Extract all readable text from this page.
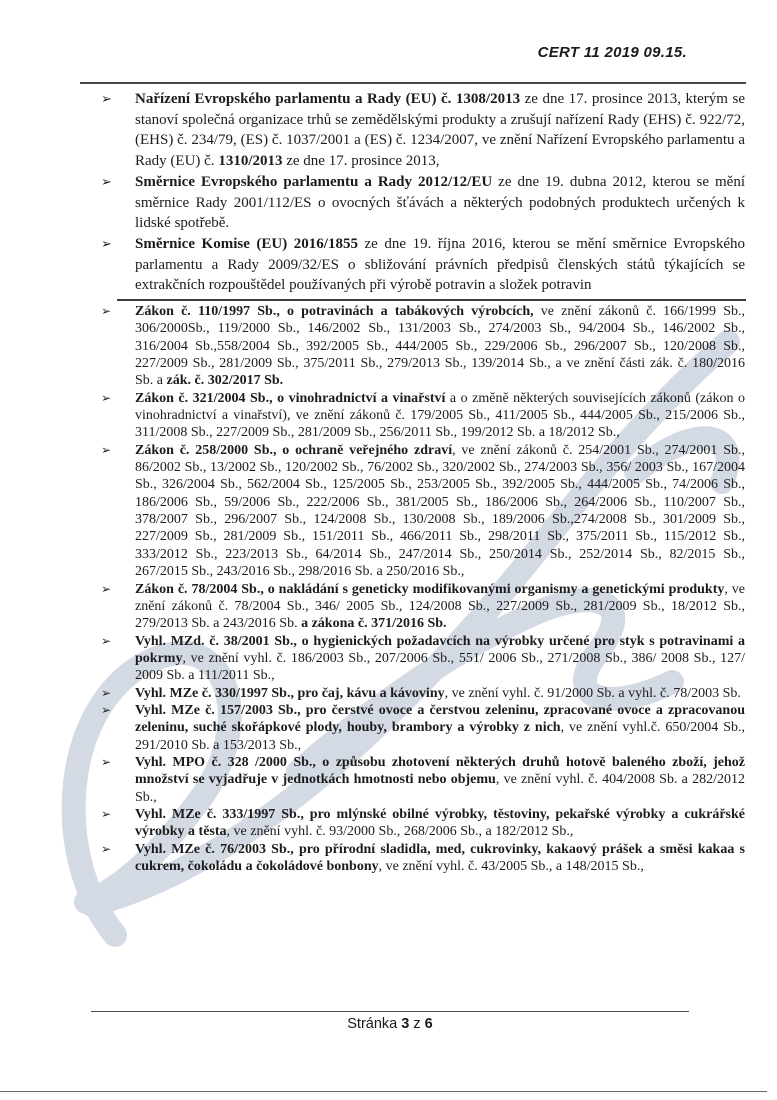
CERT 11 2019 09.15.
➢ Nařízení Evropského parlamentu a Rady (EU) č. 1308/2013 ze dne 17. prosince 2013, kterým se stanoví společná organizace trhů se zemědělskými produkty a zrušují nařízení Rady (EHS) č. 922/72, (EHS) č. 234/79, (ES) č. 1037/2001 a (ES) č. 1234/2007, ve znění Nařízení Evropského parlamentu a Rady (EU) č. 1310/2013 ze dne 17. prosince 2013,
➢ Směrnice Evropského parlamentu a Rady 2012/12/EU ze dne 19. dubna 2012, kterou se mění směrnice Rady 2001/112/ES o ovocných šťávách a některých podobných produktech určených k lidské spotřebě.
➢ Směrnice Komise (EU) 2016/1855 ze dne 19. října 2016, kterou se mění směrnice Evropského parlamentu a Rady 2009/32/ES o sbližování právních předpisů členských států týkajících se extrakčních rozpouštědel používaných při výrobě potravin a složek potravin
➢ Zákon č. 110/1997 Sb., o potravinách a tabákových výrobcích, ve znění zákonů č. 166/1999 Sb., 306/2000Sb., 119/2000 Sb., 146/2002 Sb., 131/2003 Sb., 274/2003 Sb., 94/2004 Sb., 146/2002 Sb., 316/2004 Sb.,558/2004 Sb., 392/2005 Sb., 444/2005 Sb., 229/2006 Sb., 296/2007 Sb., 120/2008 Sb., 227/2009 Sb., 281/2009 Sb., 375/2011 Sb., 279/2013 Sb., 139/2014 Sb., a ve znění části zák. č. 180/2016 Sb. a zák. č. 302/2017 Sb.
➢ Zákon č. 321/2004 Sb., o vinohradnictví a vinařství a o změně některých souvisejících zákonů (zákon o vinohradnictví a vinařství), ve znění zákonů č. 179/2005 Sb., 411/2005 Sb., 444/2005 Sb., 215/2006 Sb., 311/2008 Sb., 227/2009 Sb., 281/2009 Sb., 256/2011 Sb., 199/2012 Sb. a 18/2012 Sb.,
➢ Zákon č. 258/2000 Sb., o ochraně veřejného zdraví, ve znění zákonů č. 254/2001 Sb., 274/2001 Sb., 86/2002 Sb., 13/2002 Sb., 120/2002 Sb., 76/2002 Sb., 320/2002 Sb., 274/2003 Sb., 356/ 2003 Sb., 167/2004 Sb., 326/2004 Sb., 562/2004 Sb., 125/2005 Sb., 253/2005 Sb., 392/2005 Sb., 444/2005 Sb., 74/2006 Sb., 186/2006 Sb., 59/2006 Sb., 222/2006 Sb., 381/2005 Sb., 186/2006 Sb., 264/2006 Sb., 110/2007 Sb., 378/2007 Sb., 296/2007 Sb., 124/2008 Sb., 130/2008 Sb., 189/2006 Sb.,274/2008 Sb., 301/2009 Sb., 227/2009 Sb., 281/2009 Sb., 151/2011 Sb., 466/2011 Sb., 298/2011 Sb., 375/2011 Sb., 115/2012 Sb., 333/2012 Sb., 223/2013 Sb., 64/2014 Sb., 247/2014 Sb., 250/2014 Sb., 252/2014 Sb., 82/2015 Sb., 267/2015 Sb., 243/2016 Sb., 298/2016 Sb. a 250/2016 Sb.,
➢ Zákon č. 78/2004 Sb., o nakládání s geneticky modifikovanými organismy a genetickými produkty, ve znění zákonů č. 78/2004 Sb., 346/ 2005 Sb., 124/2008 Sb., 227/2009 Sb., 281/2009 Sb., 18/2012 Sb., 279/2013 Sb. a 243/2016 Sb. a zákona č. 371/2016 Sb.
➢ Vyhl. MZd. č. 38/2001 Sb., o hygienických požadavcích na výrobky určené pro styk s potravinami a pokrmy, ve znění vyhl. č. 186/2003 Sb., 207/2006 Sb., 551/ 2006 Sb., 271/2008 Sb., 386/ 2008 Sb., 127/ 2009 Sb. a 111/2011 Sb.,
➢ Vyhl. MZe č. 330/1997 Sb., pro čaj, kávu a kávoviny, ve znění vyhl. č. 91/2000 Sb. a vyhl. č. 78/2003 Sb.
➢ Vyhl. MZe č. 157/2003 Sb., pro čerstvé ovoce a čerstvou zeleninu, zpracované ovoce a zpracovanou zeleninu, suché skořápkové plody, houby, brambory a výrobky z nich, ve znění vyhl.č. 650/2004 Sb., 291/2010 Sb. a 153/2013 Sb.,
➢ Vyhl. MPO č. 328 /2000 Sb., o způsobu zhotovení některých druhů hotově baleného zboží, jehož množství se vyjadřuje v jednotkách hmotnosti nebo objemu, ve znění vyhl. č. 404/2008 Sb. a 282/2012 Sb.,
➢ Vyhl. MZe č. 333/1997 Sb., pro mlýnské obilné výrobky, těstoviny, pekařské výrobky a cukrářské výrobky a těsta, ve znění vyhl. č. 93/2000 Sb., 268/2006 Sb., a 182/2012 Sb.,
➢ Vyhl. MZe č. 76/2003 Sb., pro přírodní sladidla, med, cukrovinky, kakaový prášek a směsi kakaa s cukrem, čokoládu a čokoládové bonbony, ve znění vyhl. č. 43/2005 Sb., a 148/2015 Sb.,
Stránka 3 z 6
